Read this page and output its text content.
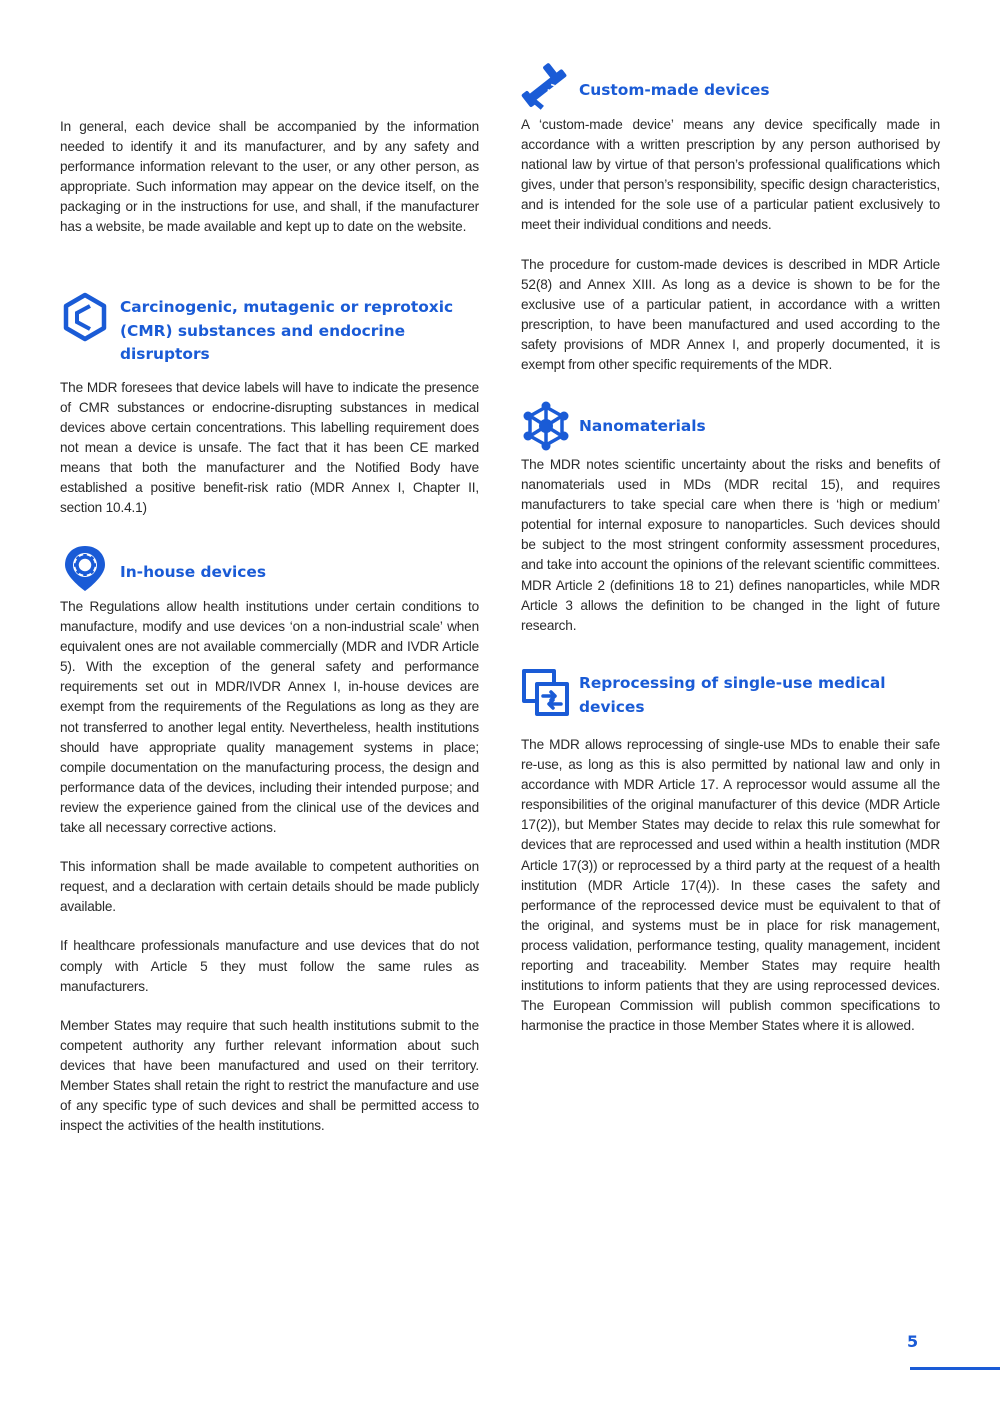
In general, each device shall be accompanied by the information needed to identify it and its manufacturer, and by any safety and performance information relevant to the user, or any other person, as appropriate. Such information may appear on the device itself, on the packaging or in the instructions for use, and shall, if the manufacturer has a website, be made available and kept up to date on the website.

Carcinogenic, mutagenic or reprotoxic (CMR) substances and endocrine disruptors

The MDR foresees that device labels will have to indicate the presence of CMR substances or endocrine-disrupting substances in medical devices above certain concentrations. This labelling requirement does not mean a device is unsafe. The fact that it has been CE marked means that both the manufacturer and the Notified Body have established a positive benefit-risk ratio (MDR Annex I, Chapter II, section 10.4.1)

In-house devices

The Regulations allow health institutions under certain conditions to manufacture, modify and use devices ‘on a non-industrial scale’ when equivalent ones are not available commercially (MDR and IVDR Article 5). With the exception of the general safety and performance requirements set out in MDR/IVDR Annex I, in-house devices are exempt from the requirements of the Regulations as long as they are not transferred to another legal entity. Nevertheless, health institutions should have appropriate quality management systems in place; compile documentation on the manufacturing process, the design and performance data of the devices, including their intended purpose; and review the experience gained from the clinical use of the devices and take all necessary corrective actions.

This information shall be made available to competent authorities on request, and a declaration with certain details should be made publicly available.

If healthcare professionals manufacture and use devices that do not comply with Article 5 they must follow the same rules as manufacturers.

Member States may require that such health institutions submit to the competent authority any further relevant information about such devices that have been manufactured and used on their territory. Member States shall retain the right to restrict the manufacture and use of any specific type of such devices and shall be permitted access to inspect the activities of the health institutions.

Custom-made devices

A ‘custom-made device’ means any device specifically made in accordance with a written prescription by any person authorised by national law by virtue of that person’s professional qualifications which gives, under that person’s responsibility, specific design characteristics, and is intended for the sole use of a particular patient exclusively to meet their individual conditions and needs.

The procedure for custom-made devices is described in MDR Article 52(8) and Annex XIII. As long as a device is shown to be for the exclusive use of a particular patient, in accordance with a written prescription, to have been manufactured and used according to the safety provisions of MDR Annex I, and properly documented, it is exempt from other specific requirements of the MDR.

Nanomaterials

The MDR notes scientific uncertainty about the risks and benefits of nanomaterials used in MDs (MDR recital 15), and requires manufacturers to take special care when there is ‘high or medium’ potential for internal exposure to nanoparticles. Such devices should be subject to the most stringent conformity assessment procedures, and take into account the opinions of the relevant scientific committees. MDR Article 2 (definitions 18 to 21) defines nanoparticles, while MDR Article 3 allows the definition to be changed in the light of future research.

Reprocessing of single-use medical devices

The MDR allows reprocessing of single-use MDs to enable their safe re-use, as long as this is also permitted by national law and only in accordance with MDR Article 17. A reprocessor would assume all the responsibilities of the original manufacturer of this device (MDR Article 17(2)), but Member States may decide to relax this rule somewhat for devices that are reprocessed and used within a health institution (MDR Article 17(3)) or reprocessed by a third party at the request of a health institution (MDR Article 17(4)). In these cases the safety and performance of the reprocessed device must be equivalent to that of the original, and systems must be in place for risk management, process validation, performance testing, quality management, incident reporting and traceability. Member States may require health institutions to inform patients that they are using reprocessed devices. The European Commission will publish common specifications to harmonise the practice in those Member States where it is allowed.

5
